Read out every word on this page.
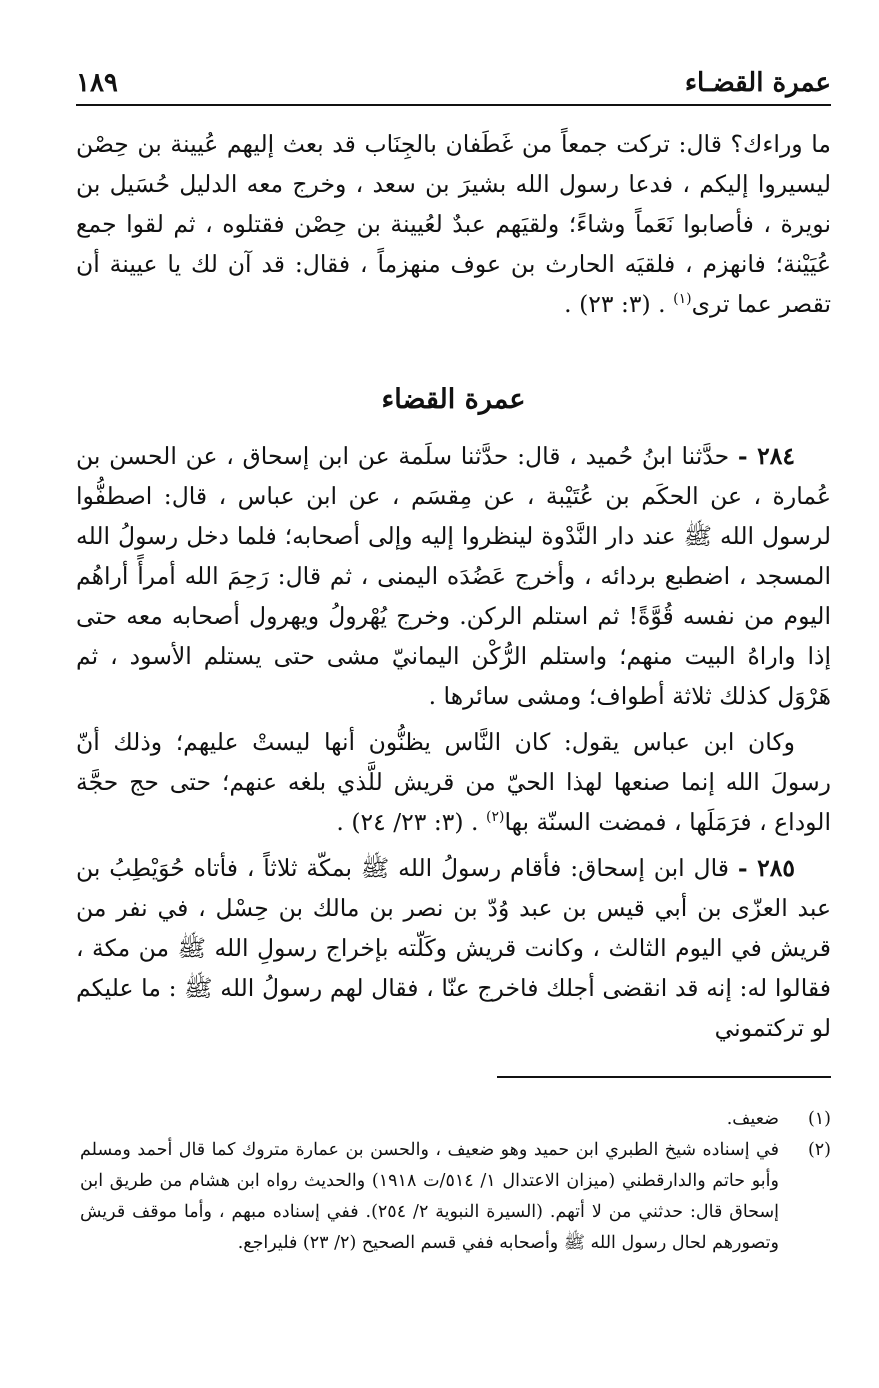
عمرة القضـاء
١٨٩

ما وراءك؟ قال: تركت جمعاً من غَطَفان بالجِنَاب قد بعث إليهم عُيينة بن حِصْن ليسيروا إليكم ، فدعا رسول الله بشيرَ بن سعد ، وخرج معه الدليل حُسَيل بن نويرة ، فأصابوا نَعَماً وشاءً؛ ولقيَهم عبدٌ لعُيينة بن حِصْن فقتلوه ، ثم لقوا جمع عُيَيْنة؛ فانهزم ، فلقيَه الحارث بن عوف منهزماً ، فقال: قد آن لك يا عيينة أن تقصر عما ترى$^{(١)}$ . (٣: ٢٣) .

عمرة القضاء

٢٨٤ - حدَّثنا ابنُ حُميد ، قال: حدَّثنا سلَمة عن ابن إسحاق ، عن الحسن بن عُمارة ، عن الحكَم بن عُتَيْبة ، عن مِقسَم ، عن ابن عباس ، قال: اصطفُّوا لرسول الله ﷺ عند دار النَّدْوة لينظروا إليه وإلى أصحابه؛ فلما دخل رسولُ الله المسجد ، اضطبع بردائه ، وأخرج عَضُدَه اليمنى ، ثم قال: رَحِمَ الله أمرأً أراهُم اليوم من نفسه قُوَّةً! ثم استلم الركن. وخرج يُهْرولُ ويهرول أصحابه معه حتى إذا واراهُ البيت منهم؛ واستلم الرُّكْن اليمانيّ مشى حتى يستلم الأسود ، ثم هَرْوَل كذلك ثلاثة أطواف؛ ومشى سائرها .

وكان ابن عباس يقول: كان النَّاس يظنُّون أنها ليستْ عليهم؛ وذلك أنّ رسولَ الله إنما صنعها لهذا الحيّ من قريش للَّذي بلغه عنهم؛ حتى حج حجَّة الوداع ، فرَمَلَها ، فمضت السنّة بها$^{(٢)}$ . (٣: ٢٣/ ٢٤) .

٢٨٥ - قال ابن إسحاق: فأقام رسولُ الله ﷺ بمكّة ثلاثاً ، فأتاه حُوَيْطِبُ بن عبد العزّى بن أبي قيس بن عبد وُدّ بن نصر بن مالك بن حِسْل ، في نفر من قريش في اليوم الثالث ، وكانت قريش وكَلّته بإخراج رسولِ الله ﷺ من مكة ، فقالوا له: إنه قد انقضى أجلك فاخرج عنّا ، فقال لهم رسولُ الله ﷺ : ما عليكم لو تركتموني

(١)
ضعيف.
(٢)
في إسناده شيخ الطبري ابن حميد وهو ضعيف ، والحسن بن عمارة متروك كما قال أحمد ومسلم وأبو حاتم والدارقطني (ميزان الاعتدال ١/ ٥١٤/ت ١٩١٨) والحديث رواه ابن هشام من طريق ابن إسحاق قال: حدثني من لا أتهم. (السيرة النبوية ٢/ ٢٥٤). ففي إسناده مبهم ، وأما موقف قريش وتصورهم لحال رسول الله ﷺ وأصحابه ففي قسم الصحيح (٢/ ٢٣) فليراجع.
